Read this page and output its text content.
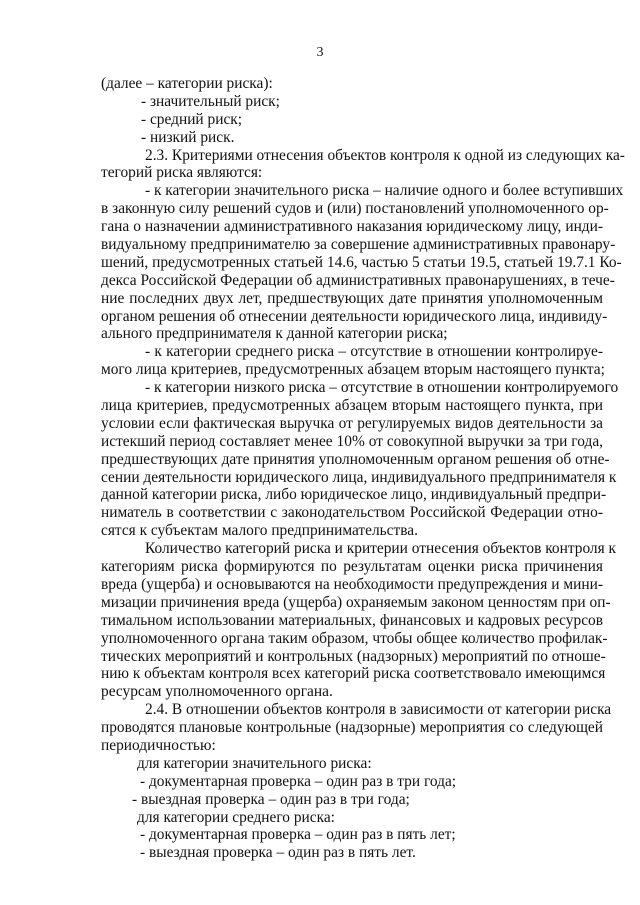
3
(далее – категории риска):
- значительный риск;
- средний риск;
- низкий риск.
2.3. Критериями отнесения объектов контроля к одной из следующих ка-
тегорий риска являются:
- к категории значительного риска – наличие одного и более вступивших
в законную силу решений судов и (или) постановлений уполномоченного ор-
гана о назначении административного наказания юридическому лицу, инди-
видуальному предпринимателю за совершение административных правонару-
шений, предусмотренных статьей 14.6, частью 5 статьи 19.5, статьей 19.7.1 Ко-
декса Российской Федерации об административных правонарушениях, в тече-
ние последних двух лет, предшествующих дате принятия уполномоченным
органом решения об отнесении деятельности юридического лица, индивиду-
ального предпринимателя к данной категории риска;
- к категории среднего риска – отсутствие в отношении контролируе-
мого лица критериев, предусмотренных абзацем вторым настоящего пункта;
- к категории низкого риска – отсутствие в отношении контролируемого
лица критериев, предусмотренных абзацем вторым настоящего пункта, при
условии если фактическая выручка от регулируемых видов деятельности за
истекший период составляет менее 10% от совокупной выручки за три года,
предшествующих дате принятия уполномоченным органом решения об отне-
сении деятельности юридического лица, индивидуального предпринимателя к
данной категории риска, либо юридическое лицо, индивидуальный предпри-
ниматель в соответствии с законодательством Российской Федерации отно-
сятся к субъектам малого предпринимательства.
Количество категорий риска и критерии отнесения объектов контроля к
категориям риска формируются по результатам оценки риска причинения
вреда (ущерба) и основываются на необходимости предупреждения и мини-
мизации причинения вреда (ущерба) охраняемым законом ценностям при оп-
тимальном использовании материальных, финансовых и кадровых ресурсов
уполномоченного органа таким образом, чтобы общее количество профилак-
тических мероприятий и контрольных (надзорных) мероприятий по отноше-
нию к объектам контроля всех категорий риска соответствовало имеющимся
ресурсам уполномоченного органа.
2.4. В отношении объектов контроля в зависимости от категории риска
проводятся плановые контрольные (надзорные) мероприятия со следующей
периодичностью:
для категории значительного риска:
- документарная проверка – один раз в три года;
- выездная проверка – один раз в три года;
для категории среднего риска:
- документарная проверка – один раз в пять лет;
- выездная проверка – один раз в пять лет.
